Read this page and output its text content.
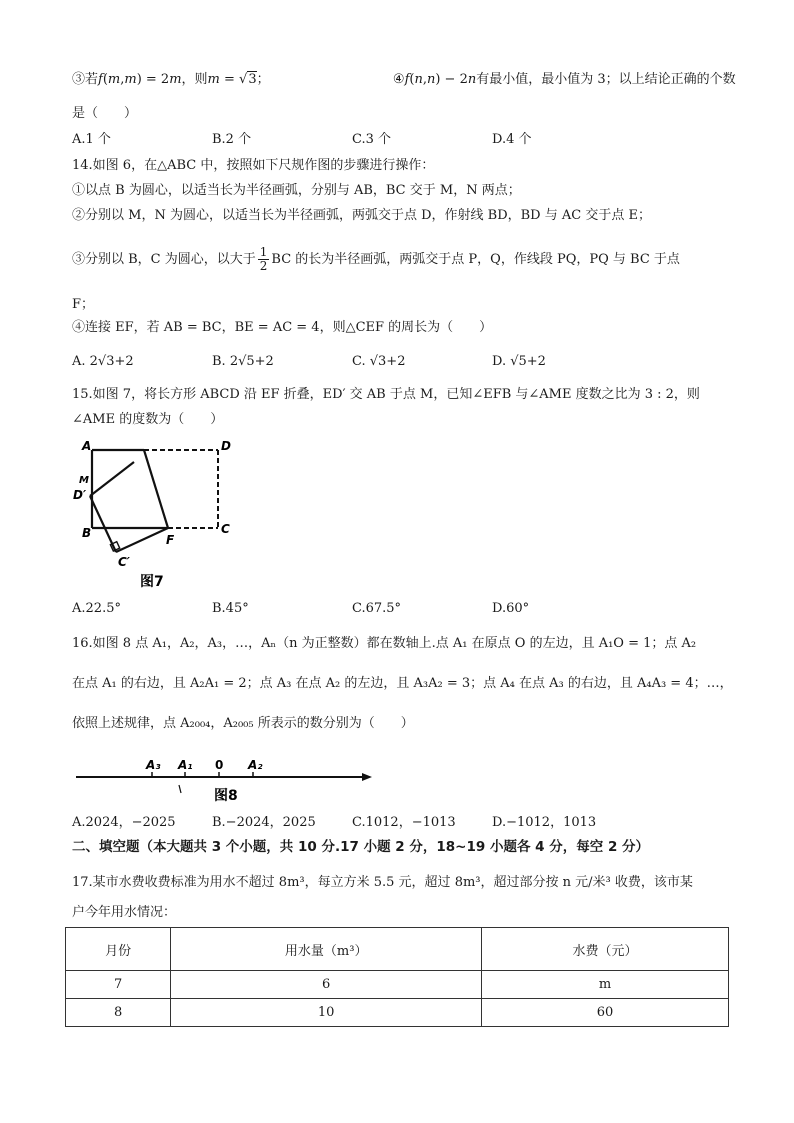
③若f(m,m) = 2m，则m = √3；	④f(n,n) − 2n有最小值，最小值为 3；以上结论正确的个数
是（　　）
A.1 个	B.2 个	C.3 个	D.4 个
14.如图 6，在△ABC 中，按照如下尺规作图的步骤进行操作：
①以点 B 为圆心，以适当长为半径画弧，分别与 AB，BC 交于 M，N 两点；
②分别以 M，N 为圆心，以适当长为半径画弧，两弧交于点 D，作射线 BD，BD 与 AC 交于点 E；
③分别以 B，C 为圆心，以大于 $\frac{1}{2}$ BC 的长为半径画弧，两弧交于点 P，Q，作线段 PQ，PQ 与 BC 于点
F；
④连接 EF，若 AB = BC，BE = AC = 4，则△CEF 的周长为（　　）
A. 2√3+2	B. 2√5+2	C. √3+2	D. √5+2
15.如图 7，将长方形 ABCD 沿 EF 折叠，ED′ 交 AB 于点 M，已知∠EFB 与∠AME 度数之比为 3 : 2，则
∠AME 的度数为（　　）
A	D
M
D′
B	F
C
C′
图7
A.22.5°	B.45°	C.67.5°	D.60°
16.如图 8 点 A₁，A₂，A₃，…，Aₙ（n 为正整数）都在数轴上.点 A₁ 在原点 O 的左边，且 A₁O = 1；点 A₂
在点 A₁ 的右边，且 A₂A₁ = 2；点 A₃ 在点 A₂ 的左边，且 A₃A₂ = 3；点 A₄ 在点 A₃ 的右边，且 A₄A₃ = 4；…，
依照上述规律，点 A₂₀₀₄，A₂₀₀₅ 所表示的数分别为（　　）
A₃ A₁ 0 A₂
图8
A.2024，−2025	B.−2024，2025	C.1012，−1013	D.−1012，1013
二、填空题（本大题共 3 个小题，共 10 分.17 小题 2 分，18~19 小题各 4 分，每空 2 分）
17.某市水费收费标准为用水不超过 8m³，每立方米 5.5 元，超过 8m³，超过部分按 n 元/米³ 收费，该市某
户今年用水情况：
月份	用水量（m³）	水费（元）
7	6	m
8	10	60
